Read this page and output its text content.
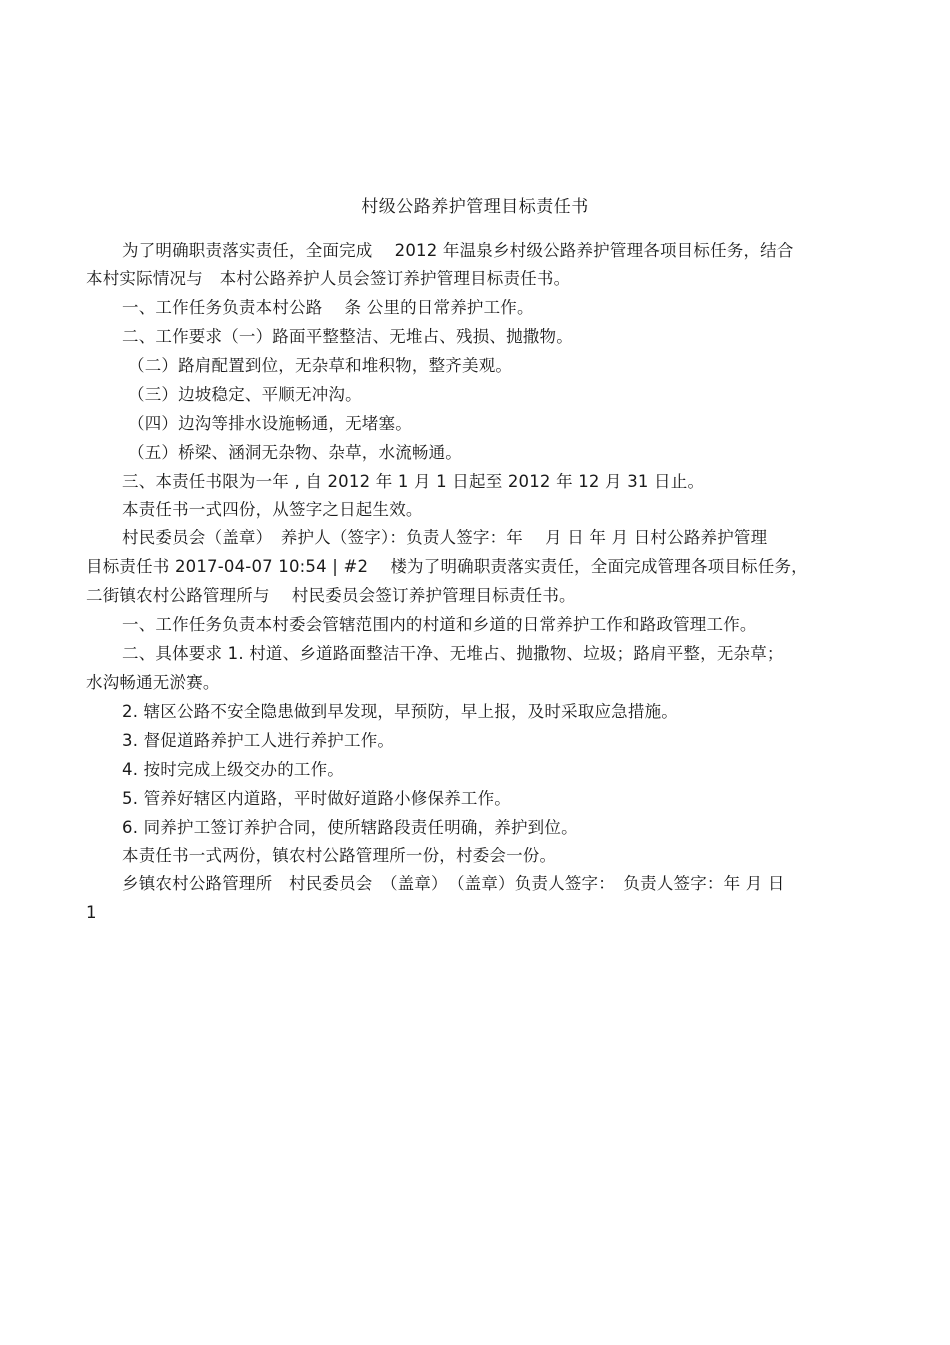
村级公路养护管理目标责任书
为了明确职责落实责任，全面完成　 2012 年温泉乡村级公路养护管理各项目标任务，结合
本村实际情况与　本村公路养护人员会签订养护管理目标责任书。
一、工作任务负责本村公路　 条 公里的日常养护工作。
二、工作要求（一）路面平整整洁、无堆占、残损、抛撒物。
（二）路肩配置到位，无杂草和堆积物，整齐美观。
（三）边坡稳定、平顺无冲沟。
（四）边沟等排水设施畅通，无堵塞。
（五）桥梁、涵洞无杂物、杂草，水流畅通。
三、本责任书限为一年 , 自 2012 年 1 月 1 日起至 2012 年 12 月 31 日止。
本责任书一式四份，从签字之日起生效。
村民委员会（盖章）　养护人（签字）：负责人签字：年　 月 日 年 月 日村公路养护管理
目标责任书 2017-04-07 10:54 | #2　 楼为了明确职责落实责任，全面完成管理各项目标任务，
二街镇农村公路管理所与　 村民委员会签订养护管理目标责任书。
一、工作任务负责本村委会管辖范围内的村道和乡道的日常养护工作和路政管理工作。
二、具体要求 1. 村道、乡道路面整洁干净、无堆占、抛撒物、垃圾；路肩平整，无杂草；
水沟畅通无淤赛。
2. 辖区公路不安全隐患做到早发现，早预防，早上报，及时采取应急措施。
3. 督促道路养护工人进行养护工作。
4. 按时完成上级交办的工作。
5. 管养好辖区内道路，平时做好道路小修保养工作。
6. 同养护工签订养护合同，使所辖路段责任明确，养护到位。
本责任书一式两份，镇农村公路管理所一份，村委会一份。
乡镇农村公路管理所　村民委员会　（盖章）　（盖章）负责人签字：　负责人签字：年 月 日
1
